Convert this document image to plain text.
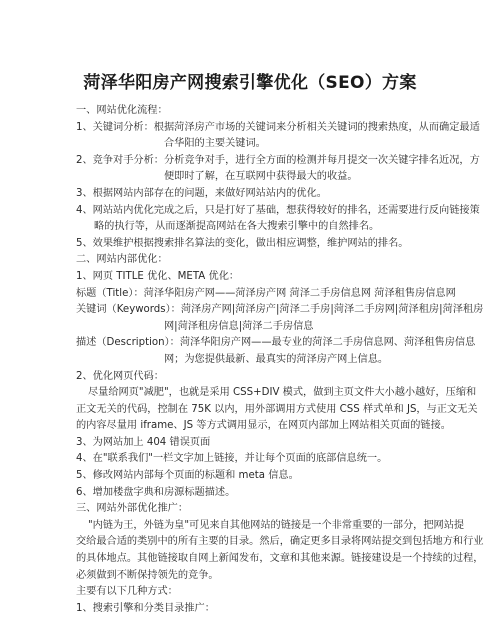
菏泽华阳房产网搜索引擎优化（SEO）方案
一、网站优化流程：
1、关键词分析：根据菏泽房产市场的关键词来分析相关关键词的搜索热度，从而确定最适
合华阳的主要关键词。
2、竞争对手分析：分析竞争对手，进行全方面的检测并每月提交一次关键字排名近况，方
便即时了解，在互联网中获得最大的收益。
3、根据网站内部存在的问题，来做好网站站内的优化。
4、网站站内优化完成之后，只是打好了基础，想获得较好的排名，还需要进行反向链接策
略的执行等，从而逐渐提高网站在各大搜索引擎中的自然排名。
5、效果维护根据搜索排名算法的变化，做出相应调整，维护网站的排名。
二、网站内部优化：
1、网页 TITLE 优化、META 优化：
标题（Title）：菏泽华阳房产网——菏泽房产网 菏泽二手房信息网 菏泽租售房信息网
关键词（Keywords）：菏泽房产网|菏泽房产|菏泽二手房|菏泽二手房网|菏泽租房|菏泽租房
网|菏泽租房信息|菏泽二手房信息
描述（Description）：菏泽华阳房产网——最专业的菏泽二手房信息网、菏泽租售房信息
网；为您提供最新、最真实的菏泽房产网上信息。
2、优化网页代码：
尽量给网页"减肥"，也就是采用 CSS+DIV 模式，做到主页文件大小越小越好，压缩和
正文无关的代码，控制在 75K 以内，用外部调用方式使用 CSS 样式单和 JS，与正文无关
的内容尽量用 iframe、JS 等方式调用显示，在网页内部加上网站相关页面的链接。
3、为网站加上 404 错误页面
4、在"联系我们"一栏文字加上链接，并让每个页面的底部信息统一。
5、修改网站内部每个页面的标题和 meta 信息。
6、增加楼盘字典和房源标题描述。
三、网站外部优化推广：
"内链为王，外链为皇"可见来自其他网站的链接是一个非常重要的一部分，把网站提
交给最合适的类别中的所有主要的目录。然后，确定更多目录将网站提交到包括地方和行业
的具体地点。其他链接取自网上新闻发布，文章和其他来源。链接建设是一个持续的过程，
必须做到不断保持领先的竞争。
主要有以下几种方式：
1、搜索引擎和分类目录推广：
